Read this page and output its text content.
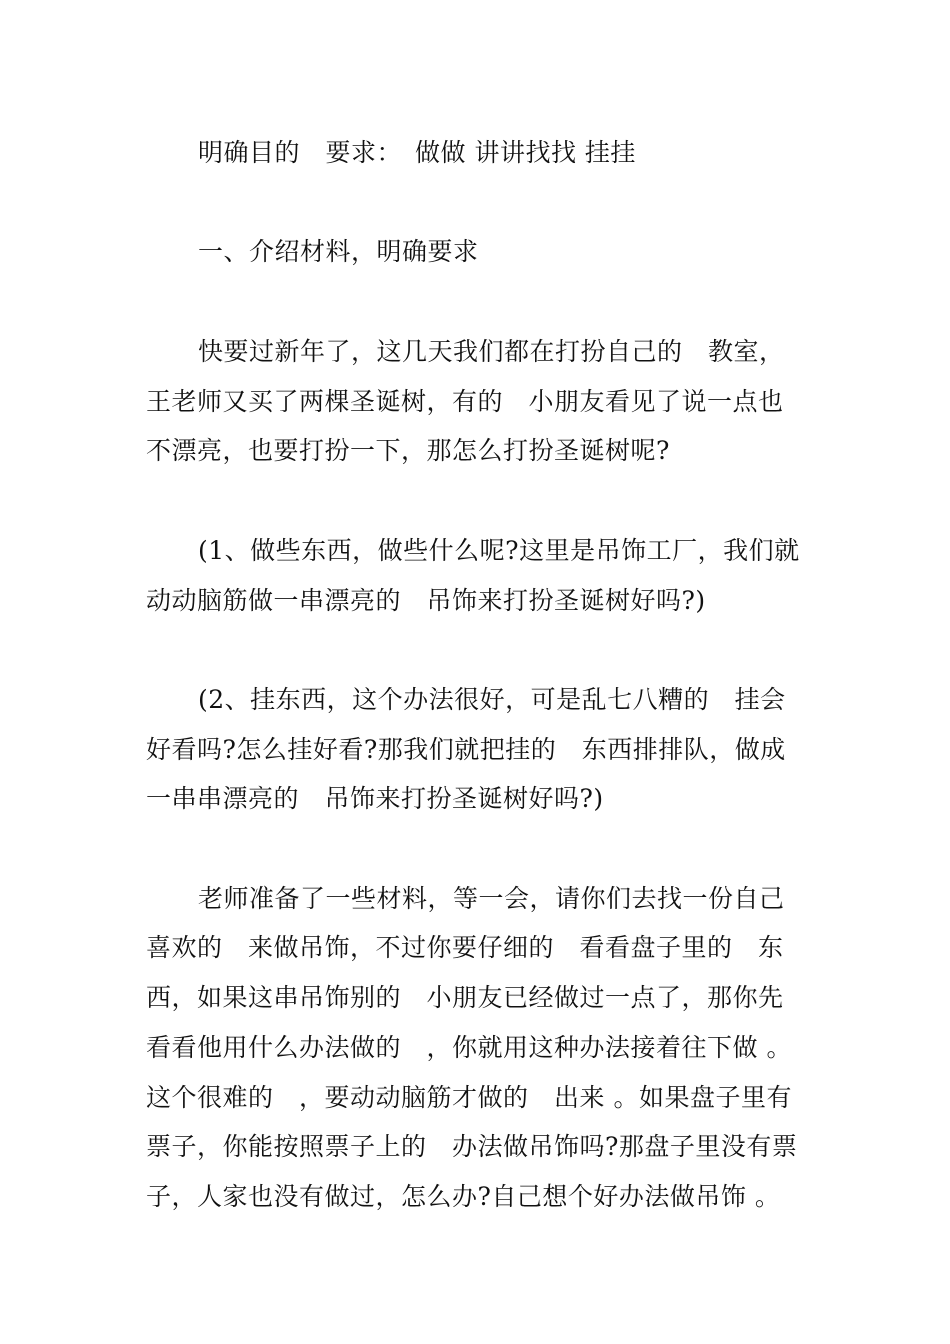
明确目的　要求：　做做 讲讲找找 挂挂
一、介绍材料，明确要求
快要过新年了，这几天我们都在打扮自己的　教室，
王老师又买了两棵圣诞树，有的　小朋友看见了说一点也
不漂亮，也要打扮一下，那怎么打扮圣诞树呢?
(1、做些东西，做些什么呢?这里是吊饰工厂，我们就
动动脑筋做一串漂亮的　吊饰来打扮圣诞树好吗?)
(2、挂东西，这个办法很好，可是乱七八糟的　挂会
好看吗?怎么挂好看?那我们就把挂的　东西排排队，做成
一串串漂亮的　吊饰来打扮圣诞树好吗?)
老师准备了一些材料，等一会，请你们去找一份自己
喜欢的　来做吊饰，不过你要仔细的　看看盘子里的　东
西，如果这串吊饰别的　小朋友已经做过一点了，那你先
看看他用什么办法做的　，你就用这种办法接着往下做 。
这个很难的　，要动动脑筋才做的　出来 。如果盘子里有
票子，你能按照票子上的　办法做吊饰吗?那盘子里没有票
子，人家也没有做过，怎么办?自己想个好办法做吊饰 。
